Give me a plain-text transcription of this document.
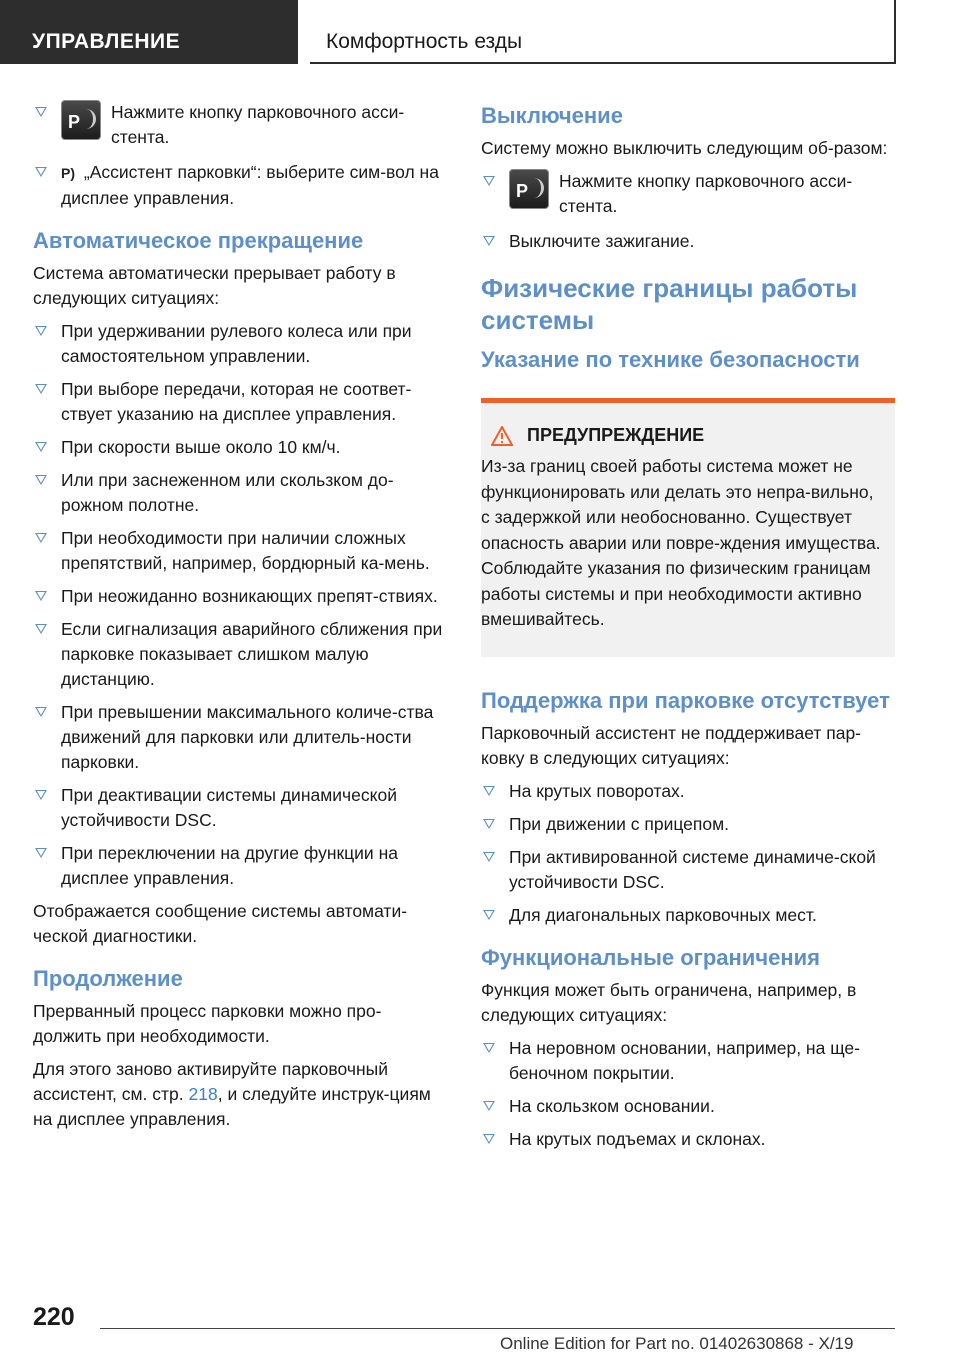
УПРАВЛЕНИЕ	Комфортность езды
P Нажмите кнопку парковочного асси-стента.
P) „Ассистент парковки“: выберите сим-вол на дисплее управления.
Автоматическое прекращение

Система автоматически прерывает работу в следующих ситуациях:

При удерживании рулевого колеса или при самостоятельном управлении.
При выборе передачи, которая не соответ-ствует указанию на дисплее управления.
При скорости выше около 10 км/ч.
Или при заснеженном или скользком до-рожном полотне.
При необходимости при наличии сложных препятствий, например, бордюрный ка-мень.
При неожиданно возникающих препят-ствиях.
Если сигнализация аварийного сближения при парковке показывает слишком малую дистанцию.
При превышении максимального количе-ства движений для парковки или длитель-ности парковки.
При деактивации системы динамической устойчивости DSC.
При переключении на другие функции на дисплее управления.

Отображается сообщение системы автомати-ческой диагностики.

Продолжение

Прерванный процесс парковки можно про-должить при необходимости.

Для этого заново активируйте парковочный ассистент, см. стр. 218, и следуйте инструк-циям на дисплее управления.

Выключение

Систему можно выключить следующим об-разом:

P Нажмите кнопку парковочного асси-стента.
Выключите зажигание.
Физические границы работы системы
Указание по технике безопасности
ПРЕДУПРЕЖДЕНИЕ

Из-за границ своей работы система может не функционировать или делать это непра-вильно, с задержкой или необоснованно. Существует опасность аварии или повре-ждения имущества. Соблюдайте указания по физическим границам работы системы и при необходимости активно вмешивайтесь.

Поддержка при парковке отсутствует

Парковочный ассистент не поддерживает пар-ковку в следующих ситуациях:

На крутых поворотах.
При движении с прицепом.
При активированной системе динамиче-ской устойчивости DSC.
Для диагональных парковочных мест.
Функциональные ограничения

Функция может быть ограничена, например, в следующих ситуациях:

На неровном основании, например, на ще-беночном покрытии.
На скользком основании.
На крутых подъемах и склонах.
220
Online Edition for Part no. 01402630868 - X/19
